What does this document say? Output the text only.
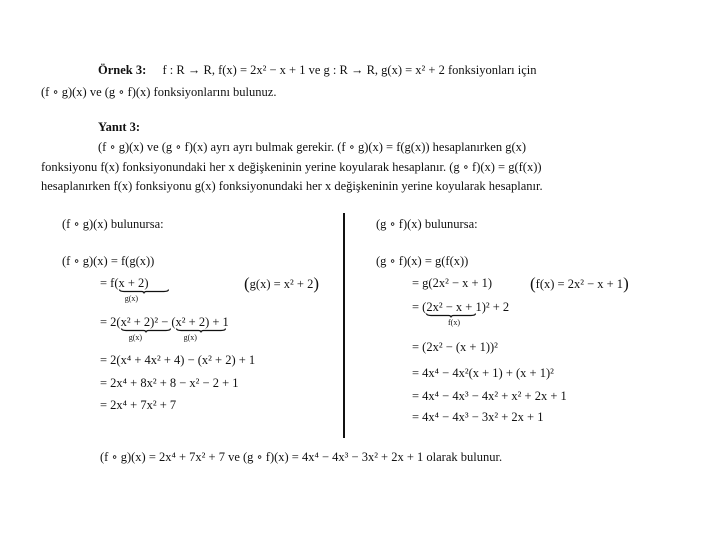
Örnek 3: f : R → R, f(x) = 2x² − x + 1 ve g : R → R, g(x) = x² + 2 fonksiyonları için
(f ∘ g)(x) ve (g ∘ f)(x) fonksiyonlarını bulunuz.
Yanıt 3:
(f ∘ g)(x) ve (g ∘ f)(x) ayrı ayrı bulmak gerekir. (f ∘ g)(x) = f(g(x)) hesaplanırken g(x)
fonksiyonu f(x) fonksiyonundaki her x değişkeninin yerine koyularak hesaplanır. (g ∘ f)(x) = g(f(x))
hesaplanırken f(x) fonksiyonu g(x) fonksiyonundaki her x değişkeninin yerine koyularak hesaplanır.
(f ∘ g)(x) bulunursa:
(f ∘ g)(x) = f(g(x))
= f(x + 2
g(x)
)	(g(x) = x² + 2)
= 2(x² + 2
g(x)
)² − (x² + 2
g(x)
) + 1
= 2(x⁴ + 4x² + 4) − (x² + 2) + 1
= 2x⁴ + 8x² + 8 − x² − 2 + 1
= 2x⁴ + 7x² + 7
(g ∘ f)(x) bulunursa:
(g ∘ f)(x) = g(f(x))
= g(2x² − x + 1) (f(x) = 2x² − x + 1)
= (2x² − x + 1
f(x)
)² + 2
= (2x² − (x + 1))²
= 4x⁴ − 4x²(x + 1) + (x + 1)²
= 4x⁴ − 4x³ − 4x² + x² + 2x + 1
= 4x⁴ − 4x³ − 3x² + 2x + 1
(f ∘ g)(x) = 2x⁴ + 7x² + 7 ve (g ∘ f)(x) = 4x⁴ − 4x³ − 3x² + 2x + 1 olarak bulunur.
